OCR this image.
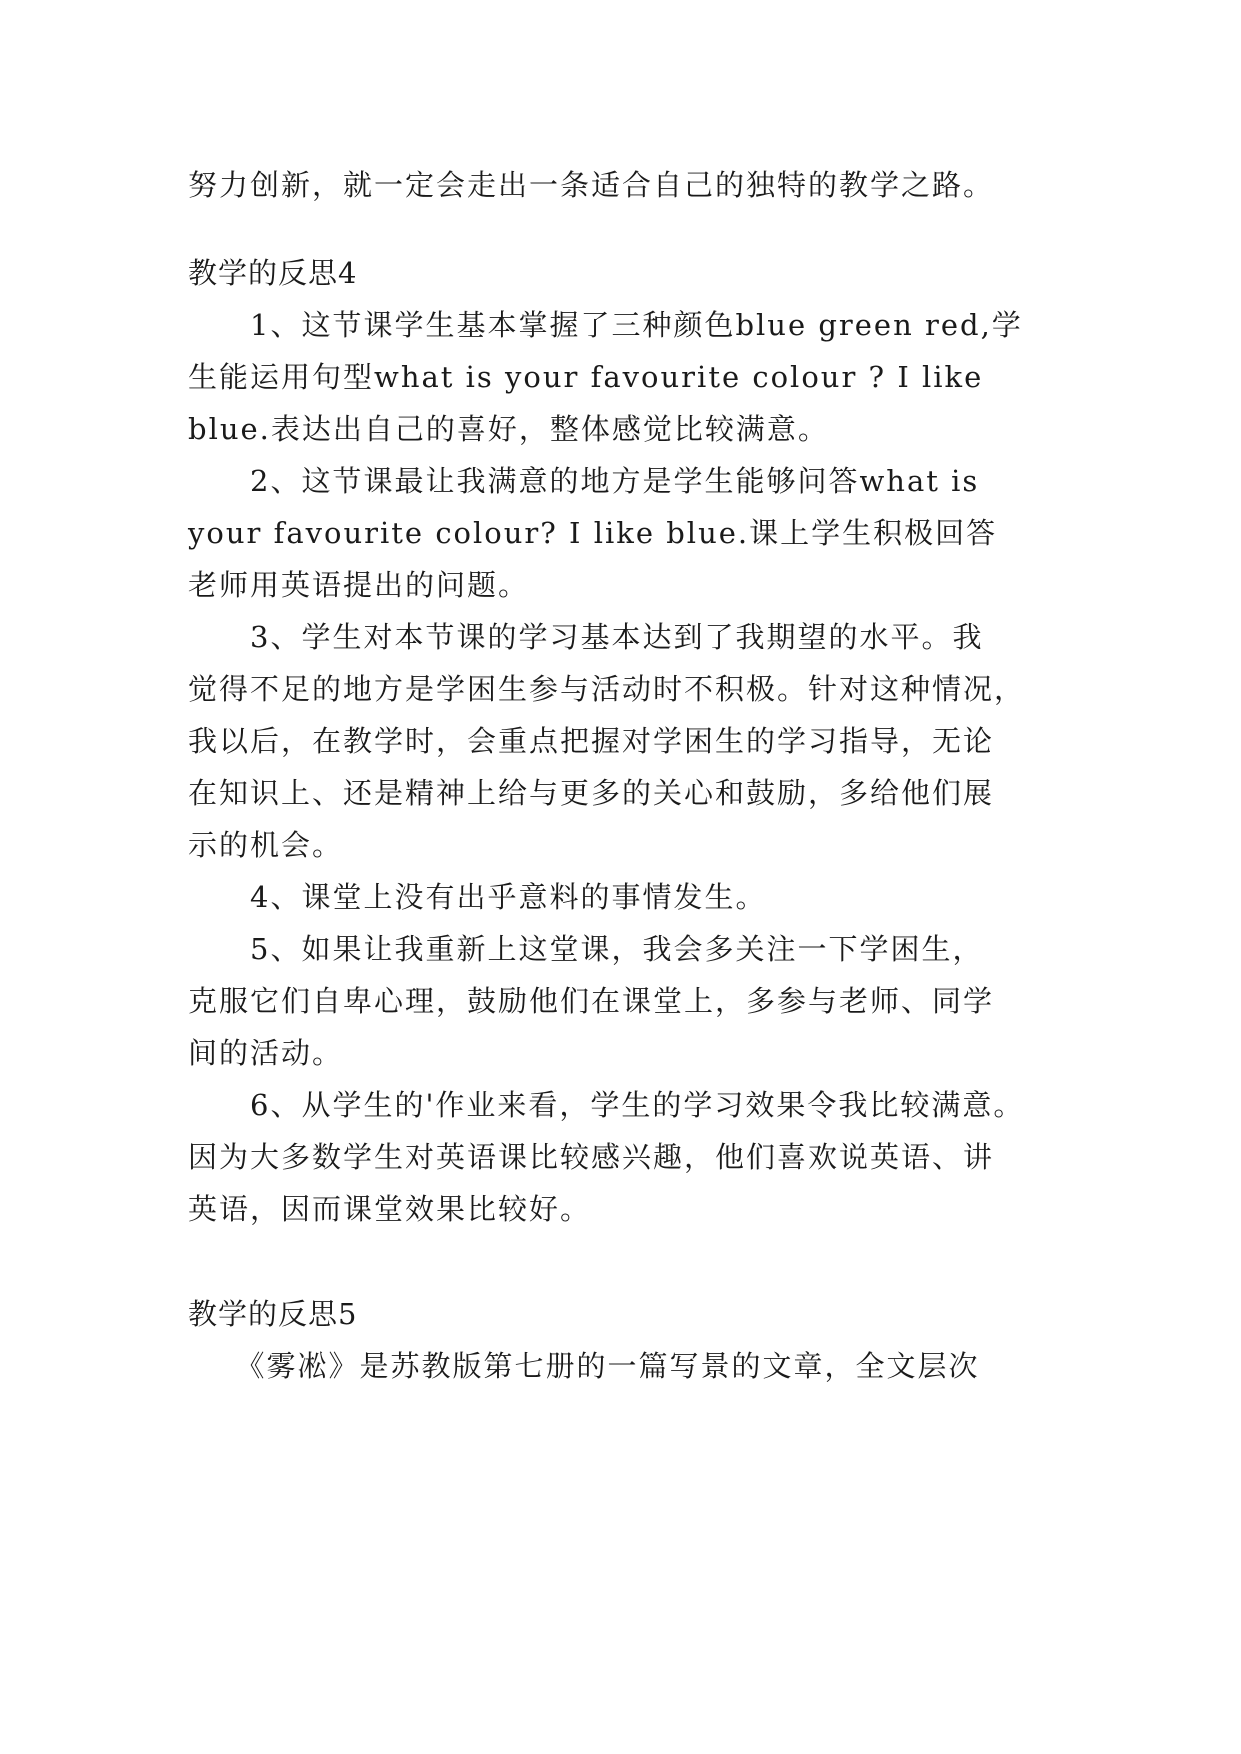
努力创新，就一定会走出一条适合自己的独特的教学之路。
教学的反思4
　　1、这节课学生基本掌握了三种颜色blue green red,学
生能运用句型what is your favourite colour ? I like
blue.表达出自己的喜好，整体感觉比较满意。
　　2、这节课最让我满意的地方是学生能够问答what is
your favourite colour? I like blue.课上学生积极回答
老师用英语提出的问题。
　　3、学生对本节课的学习基本达到了我期望的水平。我
觉得不足的地方是学困生参与活动时不积极。针对这种情况，
我以后，在教学时，会重点把握对学困生的学习指导，无论
在知识上、还是精神上给与更多的关心和鼓励，多给他们展
示的机会。
　　4、课堂上没有出乎意料的事情发生。
　　5、如果让我重新上这堂课，我会多关注一下学困生，
克服它们自卑心理，鼓励他们在课堂上，多参与老师、同学
间的活动。
　　6、从学生的'作业来看，学生的学习效果令我比较满意。
因为大多数学生对英语课比较感兴趣，他们喜欢说英语、讲
英语，因而课堂效果比较好。
教学的反思5
　　《雾凇》是苏教版第七册的一篇写景的文章，全文层次
